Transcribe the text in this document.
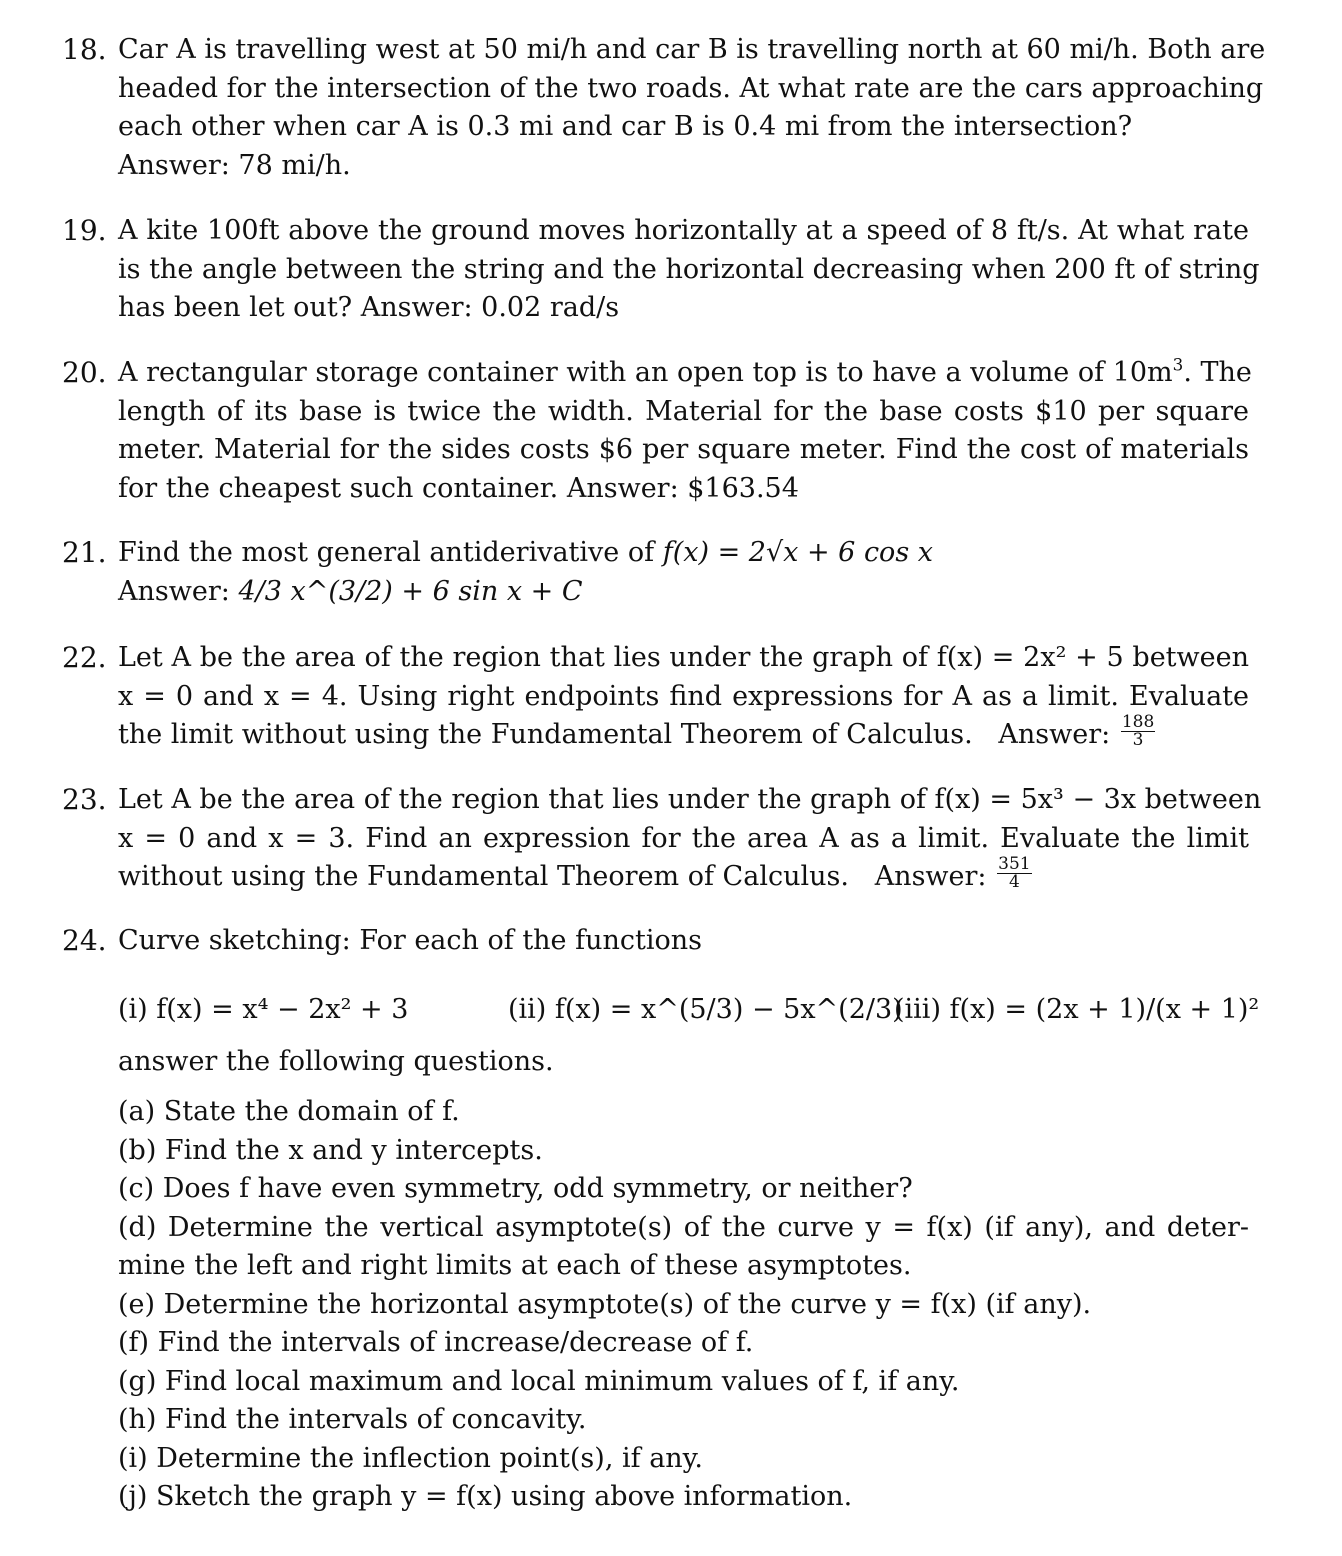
18. Car A is travelling west at 50 mi/h and car B is travelling north at 60 mi/h. Both are
headed for the intersection of the two roads. At what rate are the cars approaching
each other when car A is 0.3 mi and car B is 0.4 mi from the intersection?
Answer: 78 mi/h.
19. A kite 100ft above the ground moves horizontally at a speed of 8 ft/s. At what rate
is the angle between the string and the horizontal decreasing when 200 ft of string
has been let out? Answer: 0.02 rad/s
20. A rectangular storage container with an open top is to have a volume of $10m^3$. The
length of its base is twice the width. Material for the base costs $10 per square
meter. Material for the sides costs $6 per square meter. Find the cost of materials
for the cheapest such container. Answer: $163.54
21. Find the most general antiderivative of f(x) = 2√x + 6 cos x
Answer: 4/3 x^(3/2) + 6 sin x + C
22. Let A be the area of the region that lies under the graph of f(x) = 2x² + 5 between
x = 0 and x = 4. Using right endpoints find expressions for A as a limit. Evaluate
the limit without using the Fundamental Theorem of Calculus. Answer: $\frac{188}{3}$
23. Let A be the area of the region that lies under the graph of f(x) = 5x³ − 3x between
x = 0 and x = 3. Find an expression for the area A as a limit. Evaluate the limit
without using the Fundamental Theorem of Calculus. Answer: $\frac{351}{4}$
24. Curve sketching: For each of the functions
(i) f(x) = x⁴ − 2x² + 3	(ii) f(x) = x^(5/3) − 5x^(2/3)
(iii) f(x) = (2x + 1)/(x + 1)²
answer the following questions.
(a) State the domain of f.
(b) Find the x and y intercepts.
(c) Does f have even symmetry, odd symmetry, or neither?
(d) Determine the vertical asymptote(s) of the curve y = f(x) (if any), and deter-
mine the left and right limits at each of these asymptotes.
(e) Determine the horizontal asymptote(s) of the curve y = f(x) (if any).
(f) Find the intervals of increase/decrease of f.
(g) Find local maximum and local minimum values of f, if any.
(h) Find the intervals of concavity.
(i) Determine the inflection point(s), if any.
(j) Sketch the graph y = f(x) using above information.
